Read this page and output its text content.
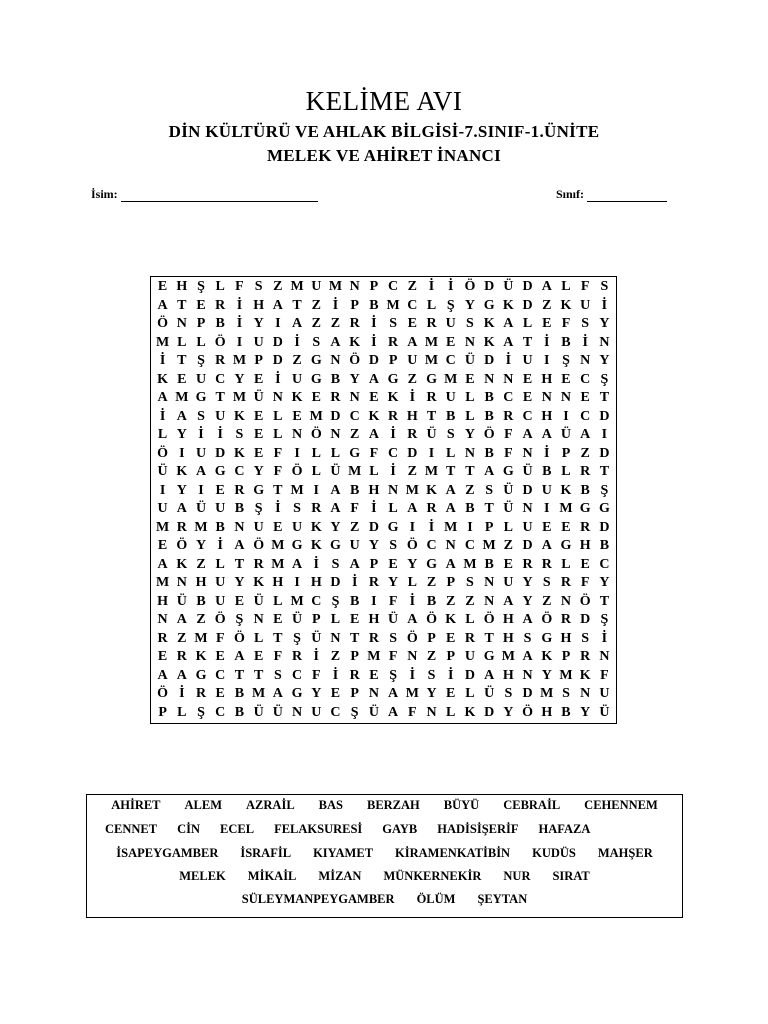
KELİME AVI
DİN KÜLTÜRÜ VE AHLAK BİLGİSİ-7.SINIF-1.ÜNİTE
MELEK VE AHİRET İNANCI
İsim:	Sınıf:
E H Ş L F S Z M U M N P C Z İ İ Ö D Ü D A L F S
A T E R İ H A T Z İ P B M C L Ş Y G K D Z K U İ
Ö N P B İ Y I A Z Z R İ S E R U S K A L E F S Y
M L L Ö I U D İ S A K İ R A M E N K A T İ B İ N
İ T Ş R M P D Z G N Ö D P U M C Ü D İ U I Ş N Y
K E U C Y E İ U G B Y A G Z G M E N N E H E C Ş
A M G T M Ü N K E R N E K İ R U L B C E N N E T
İ A S U K E L E M D C K R H T B L B R C H I C D
L Y İ İ S E L N Ö N Z A İ R Ü S Y Ö F A A Ü A I
Ö I U D K E F I L L G F C D I L N B F N İ P Z D
Ü K A G C Y F Ö L Ü M L İ Z M T T A G Ü B L R T
I Y I E R G T M I A B H N M K A Z S Ü D U K B Ş
U A Ü U B Ş İ S R A F İ L A R A B T Ü N I M G G
M R M B N U E U K Y Z D G I İ M I P L U E E R D
E Ö Y İ A Ö M G K G U Y S Ö C N C M Z D A G H B
A K Z L T R M A İ S A P E Y G A M B E R R L E C
M N H U Y K H I H D İ R Y L Z P S N U Y S R F Y
H Ü B U E Ü L M C Ş B I F İ B Z Z N A Y Z N Ö T
N A Z Ö Ş N E Ü P L E H Ü A Ö K L Ö H A Ö R D Ş
R Z M F Ö L T Ş Ü N T R S Ö P E R T H S G H S İ
E R K E A E F R İ Z P M F N Z P U G M A K P R N
A A G C T T S C F İ R E Ş İ S İ D A H N Y M K F
Ö İ R E B M A G Y E P N A M Y E L Ü S D M S N U
P L Ş C B Ü Ü N U C Ş Ü A F N L K D Y Ö H B Y Ü
AHİRET ALEM AZRAİL BAS BERZAH BÜYÜ CEBRAİL CEHENNEM
CENNET CİN ECEL FELAKSURESİ GAYB HADİSİŞERİF HAFAZA
İSAPEYGAMBER İSRAFİL KIYAMET KİRAMENKATİBİN KUDÜS MAHŞER
MELEK MİKAİL MİZAN MÜNKERNEKİR NUR SIRAT
SÜLEYMANPEYGAMBER ÖLÜM ŞEYTAN
